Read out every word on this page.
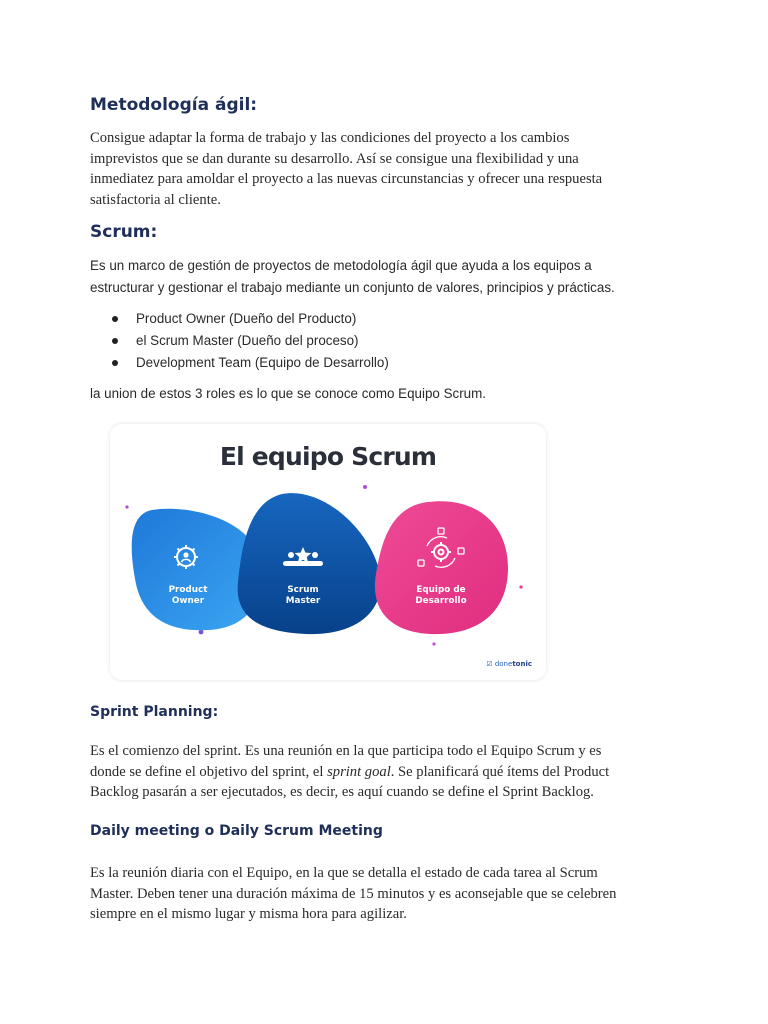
Metodología ágil:

Consigue adaptar la forma de trabajo y las condiciones del proyecto a los cambios
imprevistos que se dan durante su desarrollo. Así se consigue una flexibilidad y una
inmediatez para amoldar el proyecto a las nuevas circunstancias y ofrecer una respuesta
satisfactoria al cliente.

Scrum:

Es un marco de gestión de proyectos de metodología ágil que ayuda a los equipos a
estructurar y gestionar el trabajo mediante un conjunto de valores, principios y prácticas.

Product Owner (Dueño del Producto)
el Scrum Master (Dueño del proceso)
Development Team (Equipo de Desarrollo)

la union de estos 3 roles es lo que se conoce como Equipo Scrum.

El equipo Scrum
Product
Owner
Scrum
Master
Equipo de
Desarrollo
☑ donetonic
Sprint Planning:

Es el comienzo del sprint. Es una reunión en la que participa todo el Equipo Scrum y es
donde se define el objetivo del sprint, el sprint goal. Se planificará qué ítems del Product
Backlog pasarán a ser ejecutados, es decir, es aquí cuando se define el Sprint Backlog.

Daily meeting o Daily Scrum Meeting

Es la reunión diaria con el Equipo, en la que se detalla el estado de cada tarea al Scrum
Master. Deben tener una duración máxima de 15 minutos y es aconsejable que se celebren
siempre en el mismo lugar y misma hora para agilizar.
